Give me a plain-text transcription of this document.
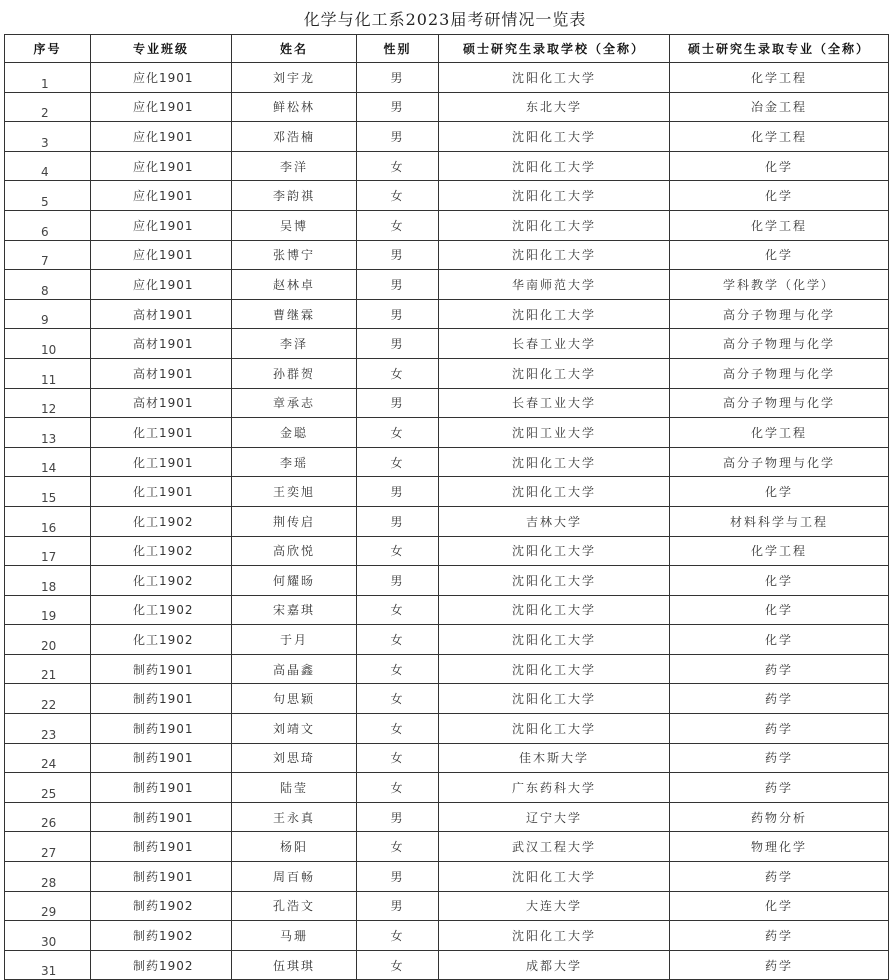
化学与化工系2023届考研情况一览表
序号	专业班级	姓名	性别	硕士研究生录取学校（全称）	硕士研究生录取专业（全称）
1	应化1901	刘宇龙	男	沈阳化工大学	化学工程
2	应化1901	鲜松林	男	东北大学	冶金工程
3	应化1901	邓浩楠	男	沈阳化工大学	化学工程
4	应化1901	李洋	女	沈阳化工大学	化学
5	应化1901	李韵祺	女	沈阳化工大学	化学
6	应化1901	吴博	女	沈阳化工大学	化学工程
7	应化1901	张博宁	男	沈阳化工大学	化学
8	应化1901	赵林卓	男	华南师范大学	学科教学（化学）
9	高材1901	曹继霖	男	沈阳化工大学	高分子物理与化学
10	高材1901	李泽	男	长春工业大学	高分子物理与化学
11	高材1901	孙群贺	女	沈阳化工大学	高分子物理与化学
12	高材1901	章承志	男	长春工业大学	高分子物理与化学
13	化工1901	金聪	女	沈阳工业大学	化学工程
14	化工1901	李瑶	女	沈阳化工大学	高分子物理与化学
15	化工1901	王奕旭	男	沈阳化工大学	化学
16	化工1902	荆传启	男	吉林大学	材料科学与工程
17	化工1902	高欣悦	女	沈阳化工大学	化学工程
18	化工1902	何耀旸	男	沈阳化工大学	化学
19	化工1902	宋嘉琪	女	沈阳化工大学	化学
20	化工1902	于月	女	沈阳化工大学	化学
21	制药1901	高晶鑫	女	沈阳化工大学	药学
22	制药1901	句思颖	女	沈阳化工大学	药学
23	制药1901	刘靖文	女	沈阳化工大学	药学
24	制药1901	刘思琦	女	佳木斯大学	药学
25	制药1901	陆莹	女	广东药科大学	药学
26	制药1901	王永真	男	辽宁大学	药物分析
27	制药1901	杨阳	女	武汉工程大学	物理化学
28	制药1901	周百畅	男	沈阳化工大学	药学
29	制药1902	孔浩文	男	大连大学	化学
30	制药1902	马珊	女	沈阳化工大学	药学
31	制药1902	伍琪琪	女	成都大学	药学
